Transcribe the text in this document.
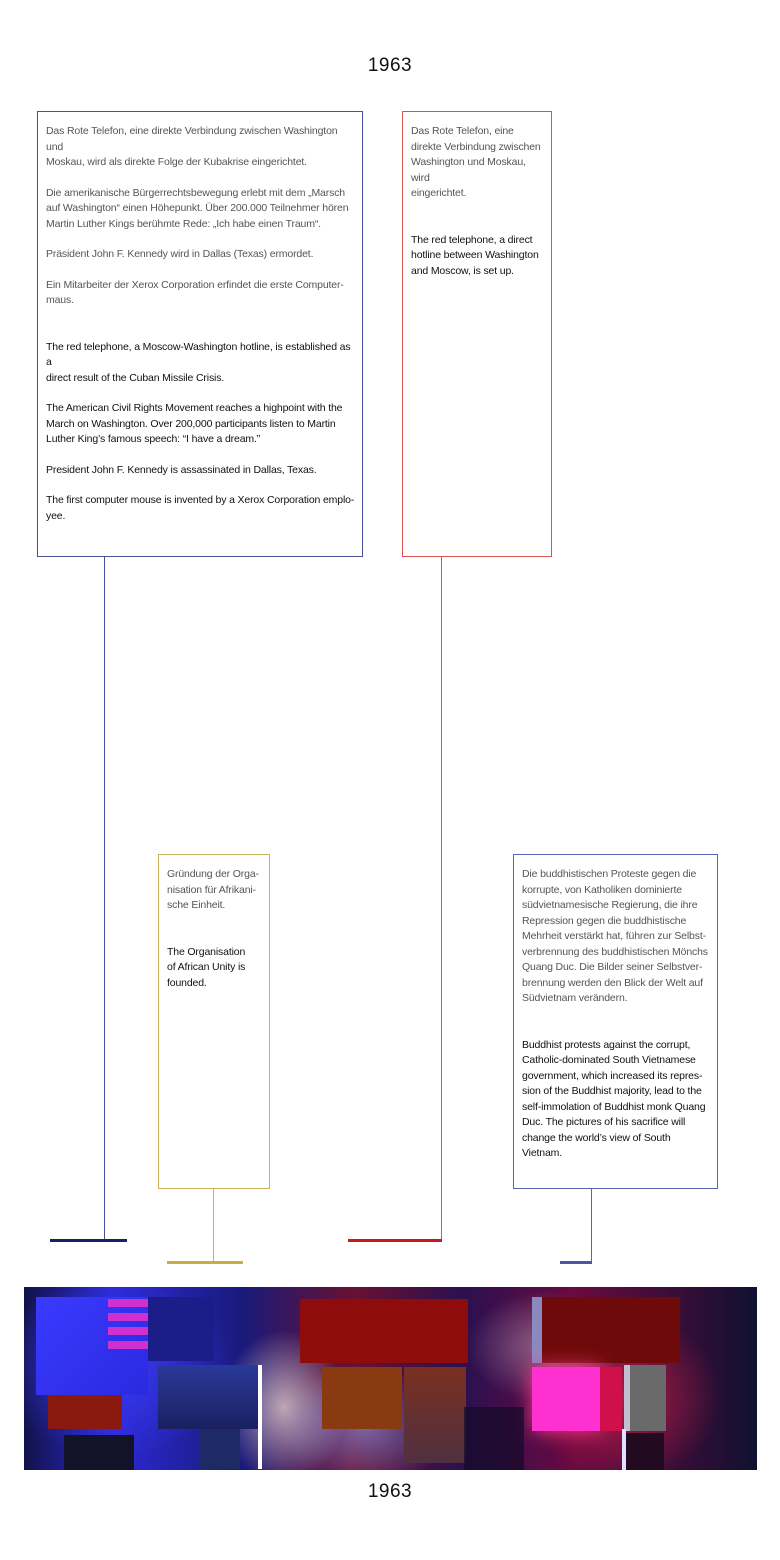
1963

Das Rote Telefon, eine direkte Verbindung zwischen Washington und
Moskau, wird als direkte Folge der Kubakrise eingerichtet.

Die amerikanische Bürgerrechtsbewegung erlebt mit dem „Marsch
auf Washington“ einen Höhepunkt. Über 200.000 Teilnehmer hören
Martin Luther Kings berühmte Rede: „Ich habe einen Traum“.

Präsident John F. Kennedy wird in Dallas (Texas) ermordet.

Ein Mitarbeiter der Xerox Corporation erfindet die erste Computer-
maus.

The red telephone, a Moscow-Washington hotline, is established as a
direct result of the Cuban Missile Crisis.

The American Civil Rights Movement reaches a highpoint with the
March on Washington. Over 200,000 participants listen to Martin
Luther King’s famous speech: “I have a dream.”

President John F. Kennedy is assassinated in Dallas, Texas.

The first computer mouse is invented by a Xerox Corporation emplo-
yee.

Das Rote Telefon, eine
direkte Verbindung zwischen
Washington und Moskau, wird
eingerichtet.

The red telephone, a direct
hotline between Washington
and Moscow, is set up.

Gründung der Orga-
nisation für Afrikani-
sche Einheit.

The Organisation
of African Unity is
founded.

Die buddhistischen Proteste gegen die
korrupte, von Katholiken dominierte
südvietnamesische Regierung, die ihre
Repression gegen die buddhistische
Mehrheit verstärkt hat, führen zur Selbst-
verbrennung des buddhistischen Mönchs
Quang Duc. Die Bilder seiner Selbstver-
brennung werden den Blick der Welt auf
Südvietnam verändern.

Buddhist protests against the corrupt,
Catholic-dominated South Vietnamese
government, which increased its repres-
sion of the Buddhist majority, lead to the
self-immolation of Buddhist monk Quang
Duc. The pictures of his sacrifice will
change the world’s view of South Vietnam.

1963
